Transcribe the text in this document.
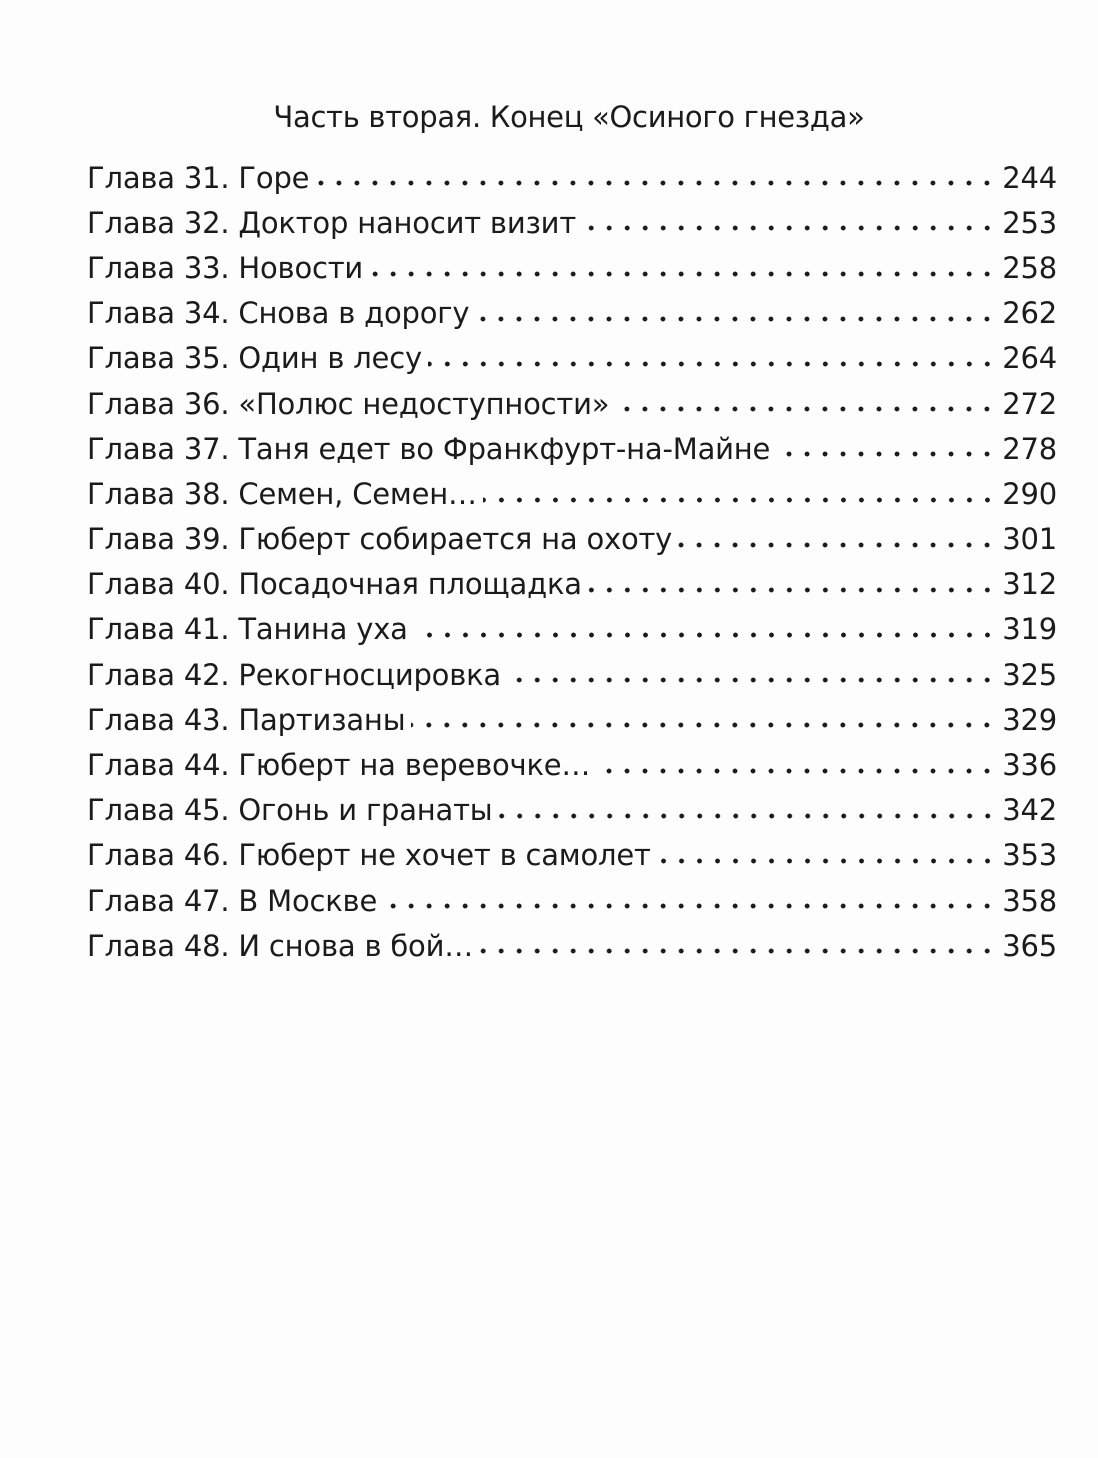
Часть вторая. Конец «Осиного гнезда»
Глава 31. Горе	244
Глава 32. Доктор наносит визит	253
Глава 33. Новости	258
Глава 34. Снова в дорогу	262
Глава 35. Один в лесу	264
Глава 36. «Полюс недоступности»	272
Глава 37. Таня едет во Франкфурт-на-Майне	278
Глава 38. Семен, Семен…	290
Глава 39. Гюберт собирается на охоту	301
Глава 40. Посадочная площадка	312
Глава 41. Танина уха	319
Глава 42. Рекогносцировка	325
Глава 43. Партизаны	329
Глава 44. Гюберт на веревочке…	336
Глава 45. Огонь и гранаты	342
Глава 46. Гюберт не хочет в самолет	353
Глава 47. В Москве	358
Глава 48. И снова в бой…	365
